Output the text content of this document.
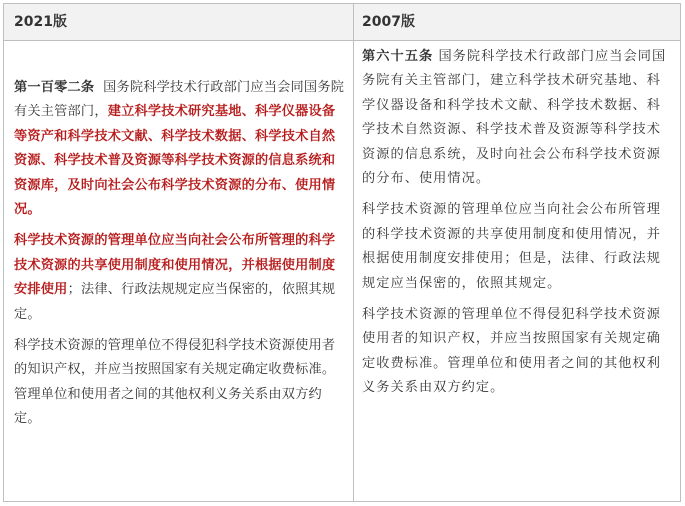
2021版	2007版

第一百零二条 国务院科学技术行政部门应当会同国务院有关主管部门，建立科学技术研究基地、科学仪器设备等资产和科学技术文献、科学技术数据、科学技术自然资源、科学技术普及资源等科学技术资源的信息系统和资源库，及时向社会公布科学技术资源的分布、使用情况。

科学技术资源的管理单位应当向社会公布所管理的科学技术资源的共享使用制度和使用情况，并根据使用制度安排使用；法律、行政法规规定应当保密的，依照其规定。

科学技术资源的管理单位不得侵犯科学技术资源使用者的知识产权，并应当按照国家有关规定确定收费标准。管理单位和使用者之间的其他权利义务关系由双方约定。

第六十五条 国务院科学技术行政部门应当会同国务院有关主管部门，建立科学技术研究基地、科学仪器设备和科学技术文献、科学技术数据、科学技术自然资源、科学技术普及资源等科学技术资源的信息系统，及时向社会公布科学技术资源的分布、使用情况。

科学技术资源的管理单位应当向社会公布所管理的科学技术资源的共享使用制度和使用情况，并根据使用制度安排使用；但是，法律、行政法规规定应当保密的，依照其规定。

科学技术资源的管理单位不得侵犯科学技术资源使用者的知识产权，并应当按照国家有关规定确定收费标准。管理单位和使用者之间的其他权利义务关系由双方约定。
